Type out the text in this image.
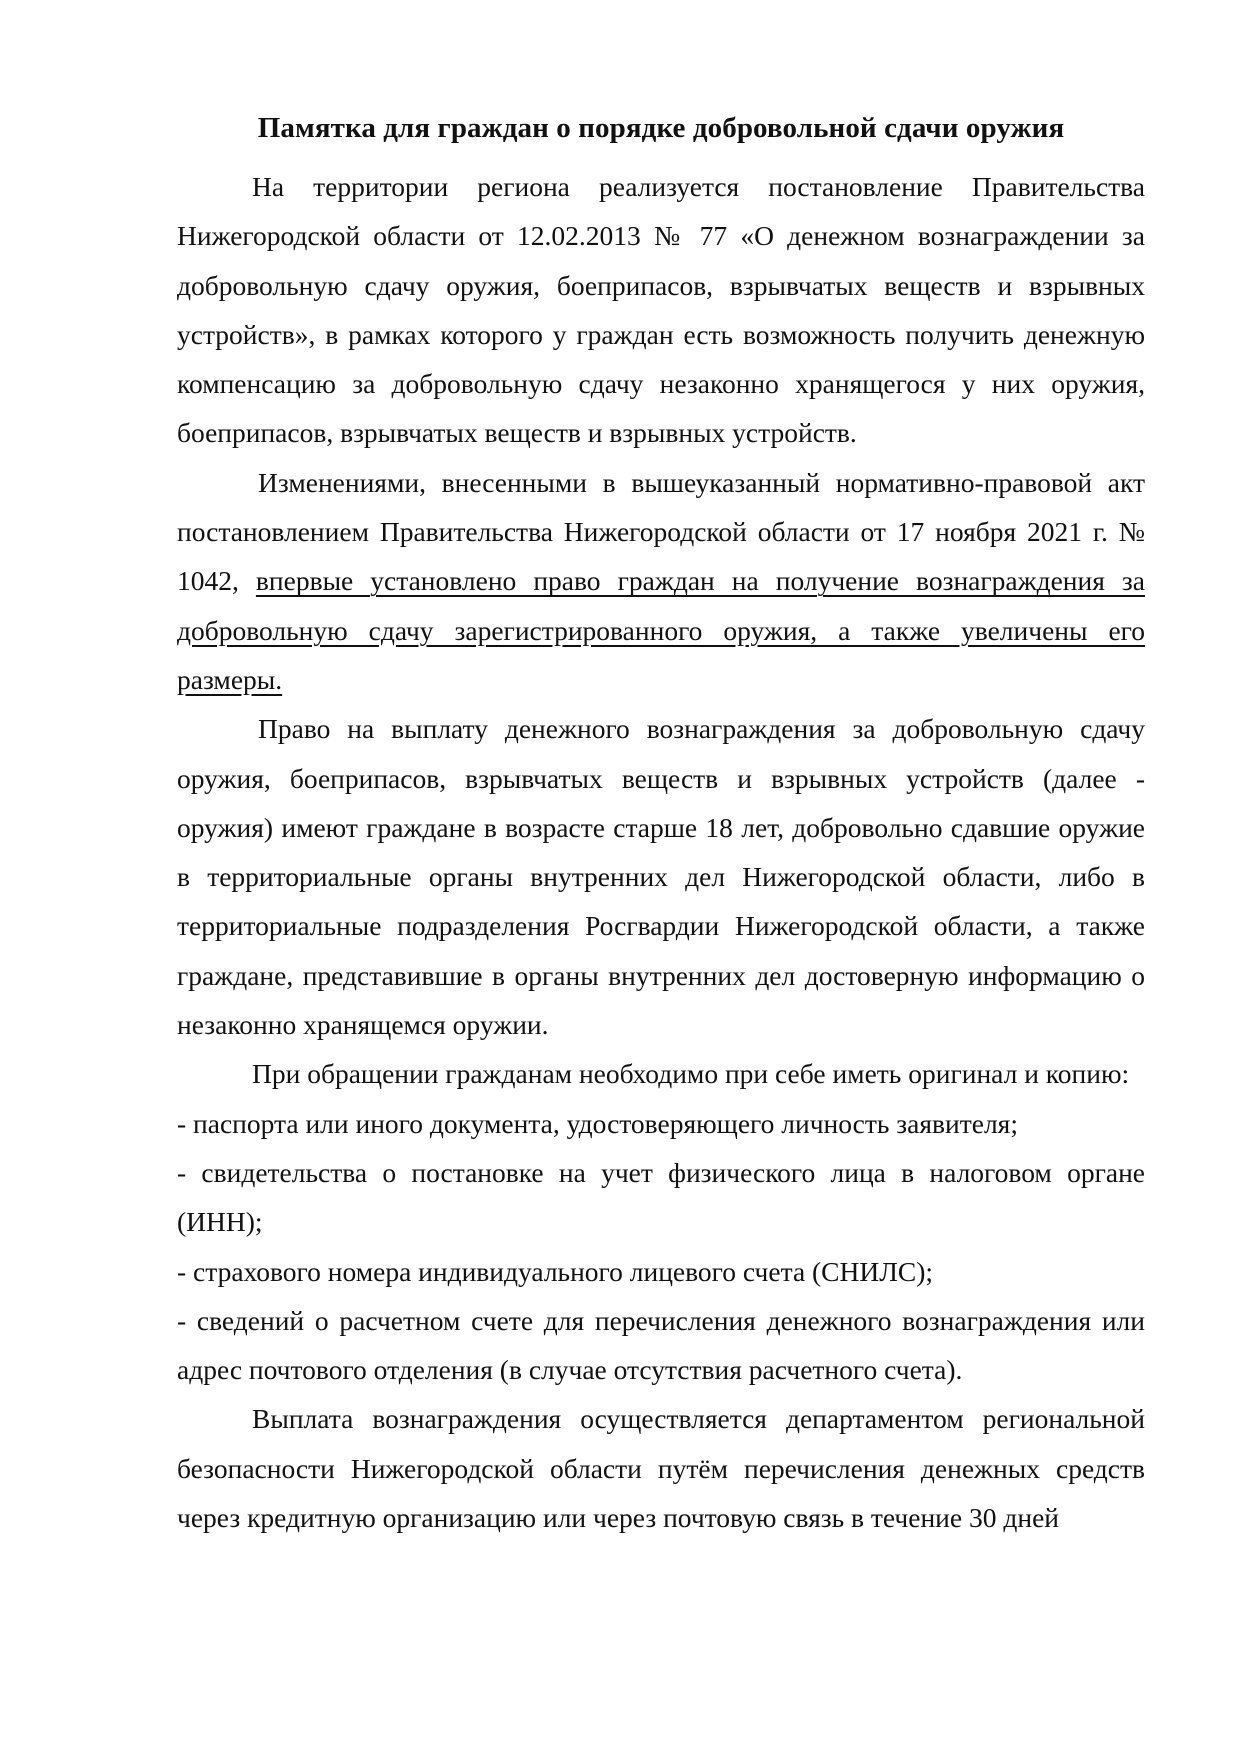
Памятка для граждан о порядке добровольной сдачи оружия

На территории региона реализуется постановление Правительства Нижегородской области от 12.02.2013 № 77 «О денежном вознаграждении за добровольную сдачу оружия, боеприпасов, взрывчатых веществ и взрывных устройств», в рамках которого у граждан есть возможность получить денежную компенсацию за добровольную сдачу незаконно хранящегося у них оружия, боеприпасов, взрывчатых веществ и взрывных устройств.

Изменениями, внесенными в вышеуказанный нормативно-правовой акт постановлением Правительства Нижегородской области от 17 ноября 2021 г. № 1042, впервые установлено право граждан на получение вознаграждения за добровольную сдачу зарегистрированного оружия, а также увеличены его размеры.

Право на выплату денежного вознаграждения за добровольную сдачу оружия, боеприпасов, взрывчатых веществ и взрывных устройств (далее - оружия) имеют граждане в возрасте старше 18 лет, добровольно сдавшие оружие в территориальные органы внутренних дел Нижегородской области, либо в территориальные подразделения Росгвардии Нижегородской области, а также граждане, представившие в органы внутренних дел достоверную информацию о незаконно хранящемся оружии.

При обращении гражданам необходимо при себе иметь оригинал и копию:

- паспорта или иного документа, удостоверяющего личность заявителя;

- свидетельства о постановке на учет физического лица в налоговом органе (ИНН);

- страхового номера индивидуального лицевого счета (СНИЛС);

- сведений о расчетном счете для перечисления денежного вознаграждения или адрес почтового отделения (в случае отсутствия расчетного счета).

Выплата вознаграждения осуществляется департаментом региональной безопасности Нижегородской области путём перечисления денежных средств через кредитную организацию или через почтовую связь в течение 30 дней
